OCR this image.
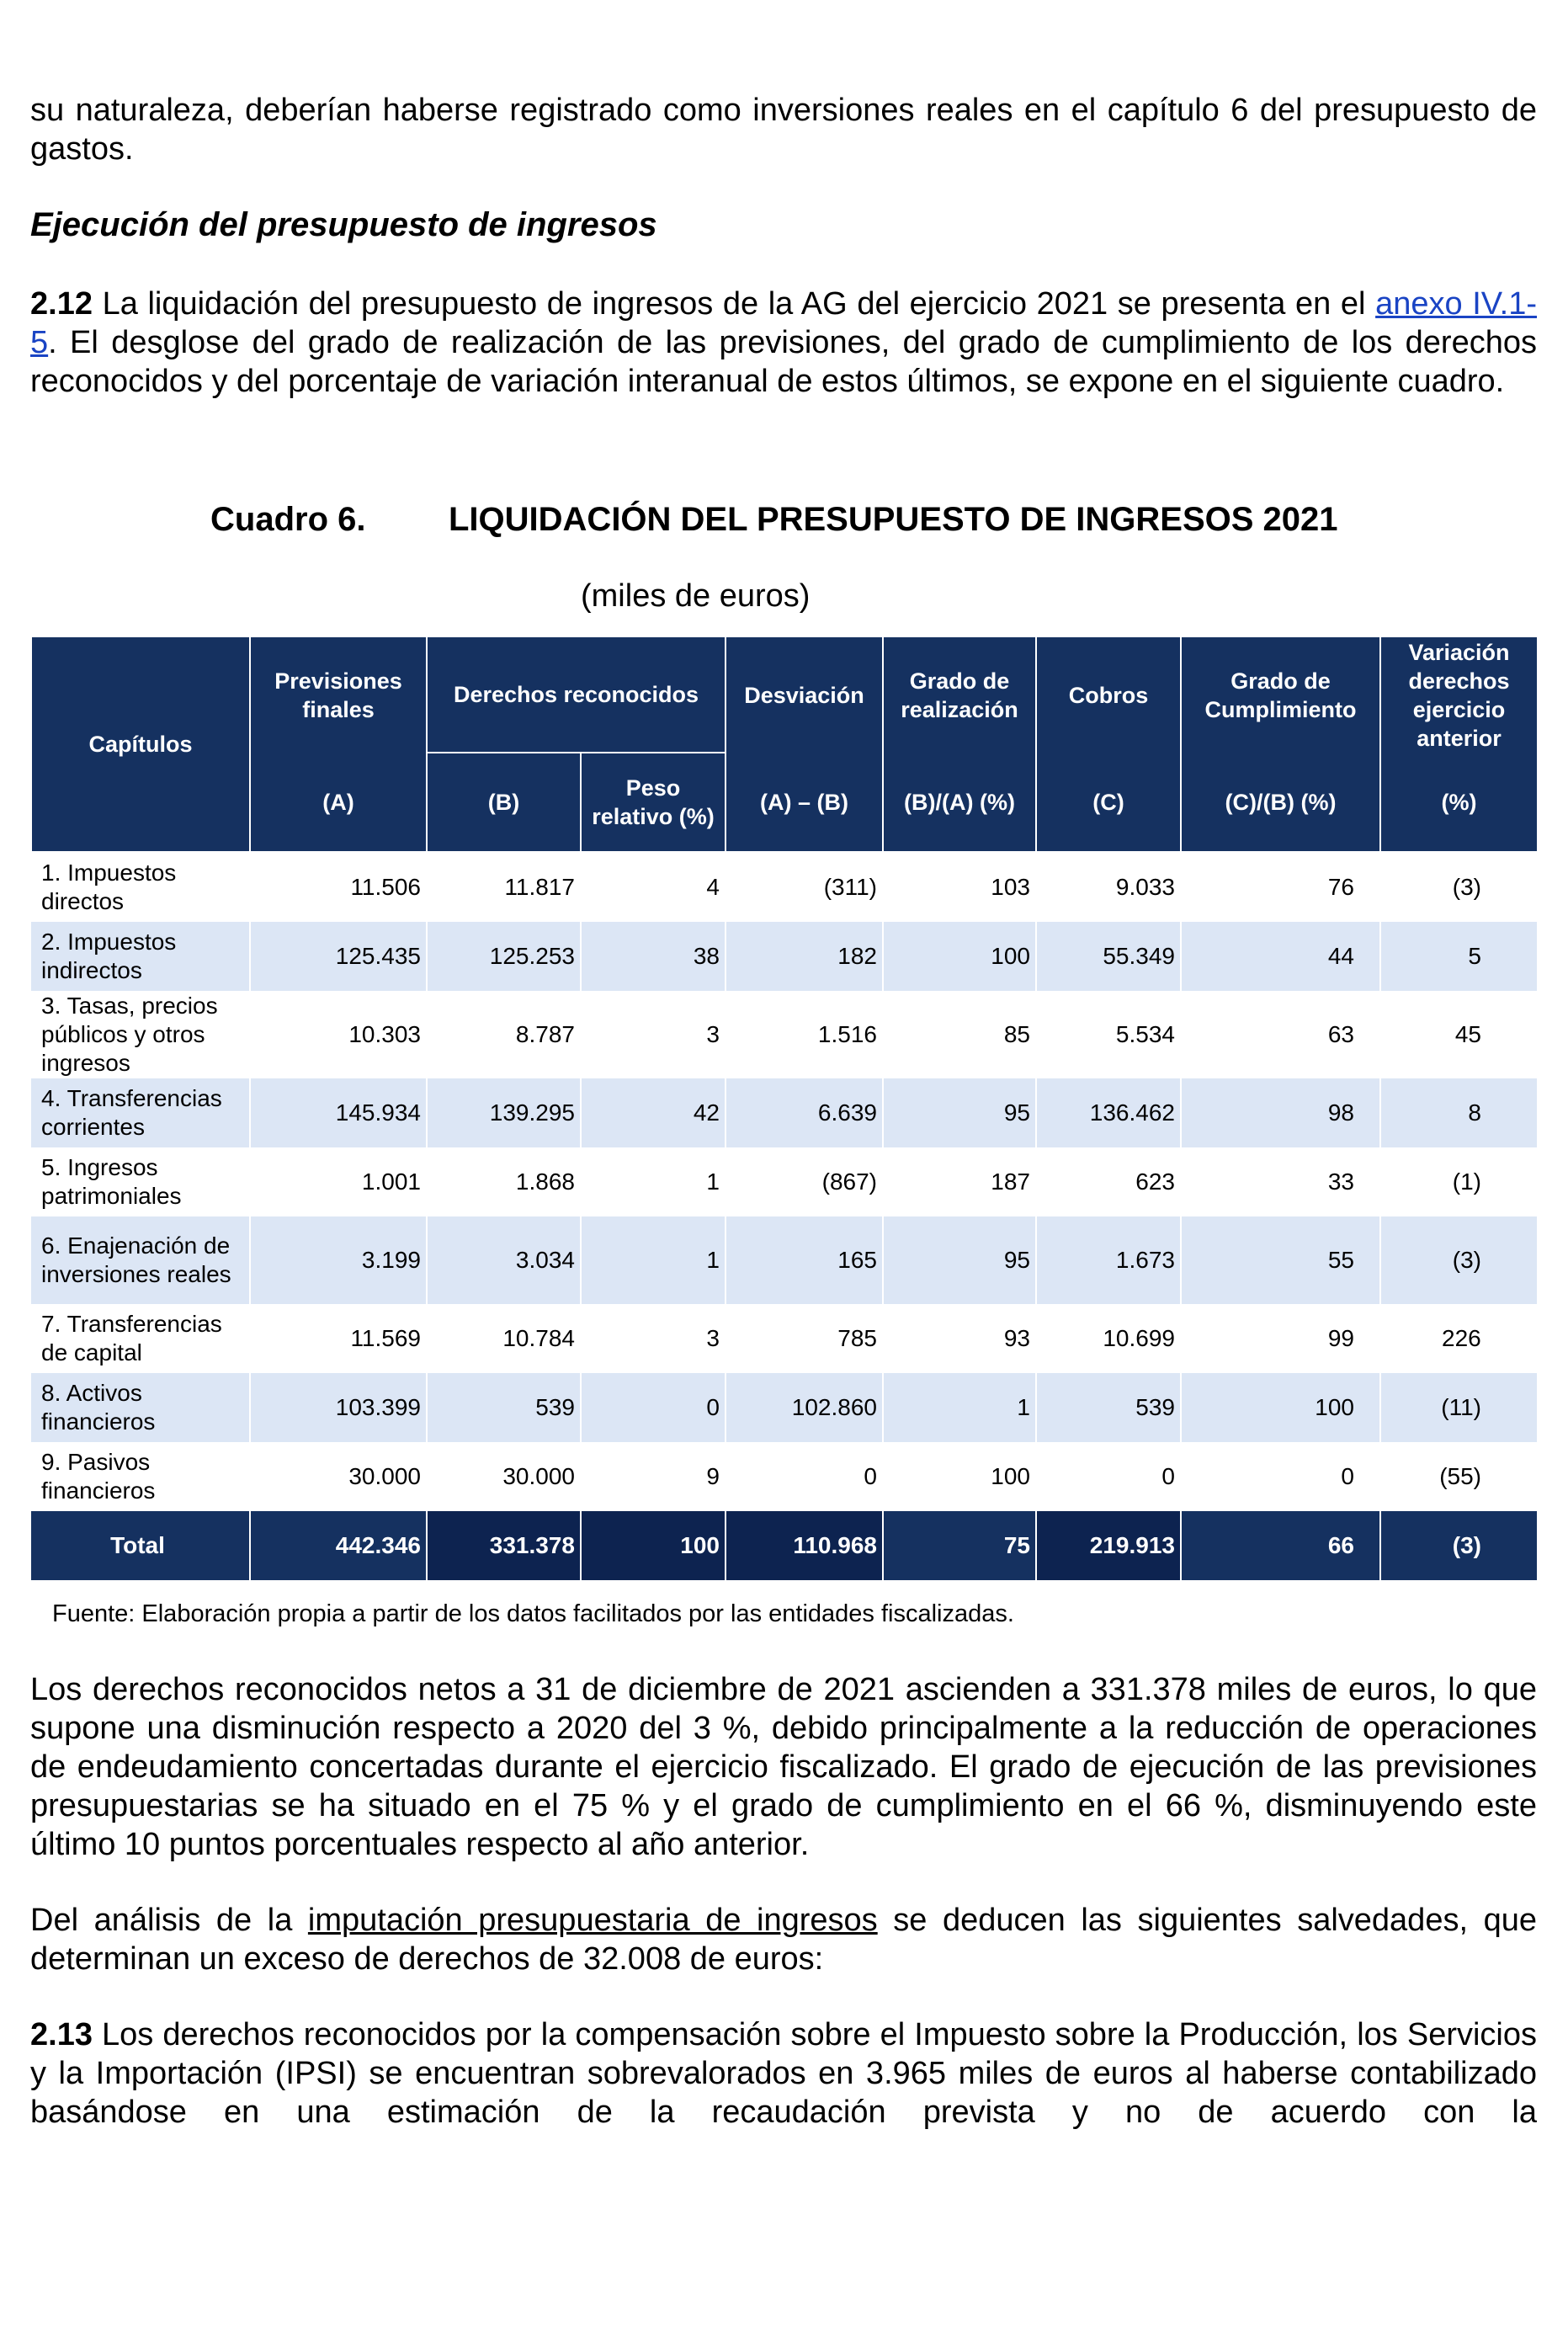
su naturaleza, deberían haberse registrado como inversiones reales en el capítulo 6 del presupuesto de gastos.

Ejecución del presupuesto de ingresos

2.12 La liquidación del presupuesto de ingresos de la AG del ejercicio 2021 se presenta en el anexo IV.1-5. El desglose del grado de realización de las previsiones, del grado de cumplimiento de los derechos reconocidos y del porcentaje de variación interanual de estos últimos, se expone en el siguiente cuadro.

Cuadro 6. LIQUIDACIÓN DEL PRESUPUESTO DE INGRESOS 2021

(miles de euros)

Capítulos	Previsiones finales	Derechos reconocidos		Desviación	Grado de realización	Cobros	Grado de Cumplimiento	Variación derechos ejercicio anterior
	(A)	(B)	Peso relativo (%)	(A) – (B)	(B)/(A) (%)	(C)	(C)/(B) (%)	(%)
1. Impuestos directos	11.506	11.817	4	(311)	103	9.033	76	(3)
2. Impuestos indirectos	125.435	125.253	38	182	100	55.349	44	5
3. Tasas, precios públicos y otros ingresos	10.303	8.787	3	1.516	85	5.534	63	45
4. Transferencias corrientes	145.934	139.295	42	6.639	95	136.462	98	8
5. Ingresos patrimoniales	1.001	1.868	1	(867)	187	623	33	(1)
6. Enajenación de inversiones reales	3.199	3.034	1	165	95	1.673	55	(3)
7. Transferencias de capital	11.569	10.784	3	785	93	10.699	99	226
8. Activos financieros	103.399	539	0	102.860	1	539	100	(11)
9. Pasivos financieros	30.000	30.000	9	0	100	0	0	(55)
Total	442.346	331.378	100	110.968	75	219.913	66	(3)

Fuente: Elaboración propia a partir de los datos facilitados por las entidades fiscalizadas.

Los derechos reconocidos netos a 31 de diciembre de 2021 ascienden a 331.378 miles de euros, lo que supone una disminución respecto a 2020 del 3 %, debido principalmente a la reducción de operaciones de endeudamiento concertadas durante el ejercicio fiscalizado. El grado de ejecución de las previsiones presupuestarias se ha situado en el 75 % y el grado de cumplimiento en el 66 %, disminuyendo este último 10 puntos porcentuales respecto al año anterior.

Del análisis de la imputación presupuestaria de ingresos se deducen las siguientes salvedades, que determinan un exceso de derechos de 32.008 de euros:

2.13 Los derechos reconocidos por la compensación sobre el Impuesto sobre la Producción, los Servicios y la Importación (IPSI) se encuentran sobrevalorados en 3.965 miles de euros al haberse contabilizado basándose en una estimación de la recaudación prevista y no de acuerdo con la
